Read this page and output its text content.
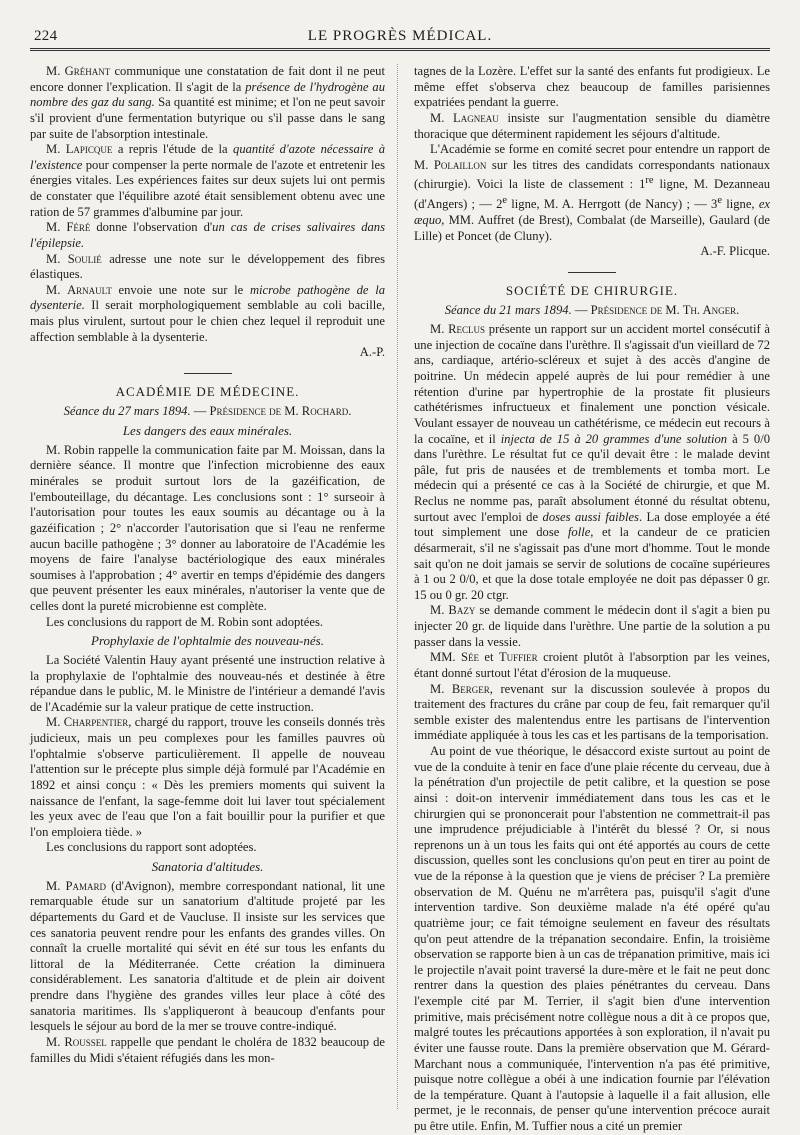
224	LE PROGRÈS MÉDICAL.

M. Gréhant communique une constatation de fait dont il ne peut encore donner l'explication. Il s'agit de la présence de l'hydrogène au nombre des gaz du sang. Sa quantité est minime; et l'on ne peut savoir s'il provient d'une fermentation butyrique ou s'il passe dans le sang par suite de l'absorption intestinale.

M. Lapicque a repris l'étude de la quantité d'azote nécessaire à l'existence pour compenser la perte normale de l'azote et entretenir les énergies vitales. Les expériences faites sur deux sujets lui ont permis de constater que l'équilibre azoté était sensiblement obtenu avec une ration de 57 grammes d'albumine par jour.

M. Féré donne l'observation d'un cas de crises salivaires dans l'épilepsie.

M. Soulié adresse une note sur le développement des fibres élastiques.

M. Arnault envoie une note sur le microbe pathogène de la dysenterie. Il serait morphologiquement semblable au coli bacille, mais plus virulent, surtout pour le chien chez lequel il reproduit une affection semblable à la dysenterie.

A.-P.

ACADÉMIE DE MÉDECINE.

Séance du 27 mars 1894. — Présidence de M. Rochard.

Les dangers des eaux minérales.

M. Robin rappelle la communication faite par M. Moissan, dans la dernière séance. Il montre que l'infection microbienne des eaux minérales se produit surtout lors de la gazéification, de l'embouteillage, du décantage. Les conclusions sont : 1° surseoir à l'autorisation pour toutes les eaux soumis au décantage ou à la gazéification ; 2° n'accorder l'autorisation que si l'eau ne renferme aucun bacille pathogène ; 3° donner au laboratoire de l'Académie les moyens de faire l'analyse bactériologique des eaux minérales soumises à l'approbation ; 4° avertir en temps d'épidémie des dangers que peuvent présenter les eaux minérales, n'autoriser la vente que de celles dont la pureté microbienne est complète.

Les conclusions du rapport de M. Robin sont adoptées.

Prophylaxie de l'ophtalmie des nouveau-nés.

La Société Valentin Hauy ayant présenté une instruction relative à la prophylaxie de l'ophtalmie des nouveau-nés et destinée à être répandue dans le public, M. le Ministre de l'intérieur a demandé l'avis de l'Académie sur la valeur pratique de cette instruction.

M. Charpentier, chargé du rapport, trouve les conseils donnés très judicieux, mais un peu complexes pour les familles pauvres où l'ophtalmie s'observe particulièrement. Il appelle de nouveau l'attention sur le précepte plus simple déjà formulé par l'Académie en 1892 et ainsi conçu : « Dès les premiers moments qui suivent la naissance de l'enfant, la sage-femme doit lui laver tout spécialement les yeux avec de l'eau que l'on a fait bouillir pour la purifier et que l'on emploiera tiède. »

Les conclusions du rapport sont adoptées.

Sanatoria d'altitudes.

M. Pamard (d'Avignon), membre correspondant national, lit une remarquable étude sur un sanatorium d'altitude projeté par les départements du Gard et de Vaucluse. Il insiste sur les services que ces sanatoria peuvent rendre pour les enfants des grandes villes. On connaît la cruelle mortalité qui sévit en été sur tous les enfants du littoral de la Méditerranée. Cette création la diminuera considérablement. Les sanatoria d'altitude et de plein air doivent prendre dans l'hygiène des grandes villes leur place à côté des sanatoria maritimes. Ils s'appliqueront à beaucoup d'enfants pour lesquels le séjour au bord de la mer se trouve contre-indiqué.

M. Roussel rappelle que pendant le choléra de 1832 beaucoup de familles du Midi s'étaient réfugiés dans les mon-

tagnes de la Lozère. L'effet sur la santé des enfants fut prodigieux. Le même effet s'observa chez beaucoup de familles parisiennes expatriées pendant la guerre.

M. Lagneau insiste sur l'augmentation sensible du diamètre thoracique que déterminent rapidement les séjours d'altitude.

L'Académie se forme en comité secret pour entendre un rapport de M. Polaillon sur les titres des candidats correspondants nationaux (chirurgie). Voici la liste de classement : 1re ligne, M. Dezanneau (d'Angers) ; — 2e ligne, M. A. Herrgott (de Nancy) ; — 3e ligne, ex æquo, MM. Auffret (de Brest), Combalat (de Marseille), Gaulard (de Lille) et Poncet (de Cluny).

A.-F. Plicque.

SOCIÉTÉ DE CHIRURGIE.

Séance du 21 mars 1894. — Présidence de M. Th. Anger.

M. Reclus présente un rapport sur un accident mortel consécutif à une injection de cocaïne dans l'urèthre. Il s'agissait d'un vieillard de 72 ans, cardiaque, artério-scléreux et sujet à des accès d'angine de poitrine. Un médecin appelé auprès de lui pour remédier à une rétention d'urine par hypertrophie de la prostate fit plusieurs cathétérismes infructueux et finalement une ponction vésicale. Voulant essayer de nouveau un cathétérisme, ce médecin eut recours à la cocaïne, et il injecta de 15 à 20 grammes d'une solution à 5 0/0 dans l'urèthre. Le résultat fut ce qu'il devait être : le malade devint pâle, fut pris de nausées et de tremblements et tomba mort. Le médecin qui a présenté ce cas à la Société de chirurgie, et que M. Reclus ne nomme pas, paraît absolument étonné du résultat obtenu, surtout avec l'emploi de doses aussi faibles. La dose employée a été tout simplement une dose folle, et la candeur de ce praticien désarmerait, s'il ne s'agissait pas d'une mort d'homme. Tout le monde sait qu'on ne doit jamais se servir de solutions de cocaïne supérieures à 1 ou 2 0/0, et que la dose totale employée ne doit pas dépasser 0 gr. 15 ou 0 gr. 20 ctgr.

M. Bazy se demande comment le médecin dont il s'agit a bien pu injecter 20 gr. de liquide dans l'urèthre. Une partie de la solution a pu passer dans la vessie.

MM. Sée et Tuffier croient plutôt à l'absorption par les veines, étant donné surtout l'état d'érosion de la muqueuse.

M. Berger, revenant sur la discussion soulevée à propos du traitement des fractures du crâne par coup de feu, fait remarquer qu'il semble exister des malentendus entre les partisans de l'intervention immédiate appliquée à tous les cas et les partisans de la temporisation.

Au point de vue théorique, le désaccord existe surtout au point de vue de la conduite à tenir en face d'une plaie récente du cerveau, due à la pénétration d'un projectile de petit calibre, et la question se pose ainsi : doit-on intervenir immédiatement dans tous les cas et le chirurgien qui se prononcerait pour l'abstention ne commettrait-il pas une imprudence préjudiciable à l'intérêt du blessé ? Or, si nous reprenons un à un tous les faits qui ont été apportés au cours de cette discussion, quelles sont les conclusions qu'on peut en tirer au point de vue de la réponse à la question que je viens de préciser ? La première observation de M. Quénu ne m'arrêtera pas, puisqu'il s'agit d'une intervention tardive. Son deuxième malade n'a été opéré qu'au quatrième jour; ce fait témoigne seulement en faveur des résultats qu'on peut attendre de la trépanation secondaire. Enfin, la troisième observation se rapporte bien à un cas de trépanation primitive, mais ici le projectile n'avait point traversé la dure-mère et le fait ne peut donc rentrer dans la question des plaies pénétrantes du cerveau. Dans l'exemple cité par M. Terrier, il s'agit bien d'une intervention primitive, mais précisément notre collègue nous a dit à ce propos que, malgré toutes les précautions apportées à son exploration, il n'avait pu éviter une fausse route. Dans la première observation que M. Gérard-Marchant nous a communiquée, l'intervention n'a pas été primitive, puisque notre collègue a obéi à une indication fournie par l'élévation de la température. Quant à l'autopsie à laquelle il a fait allusion, elle permet, je le reconnais, de penser qu'une intervention précoce aurait pu être utile. Enfin, M. Tuffier nous a cité un premier
